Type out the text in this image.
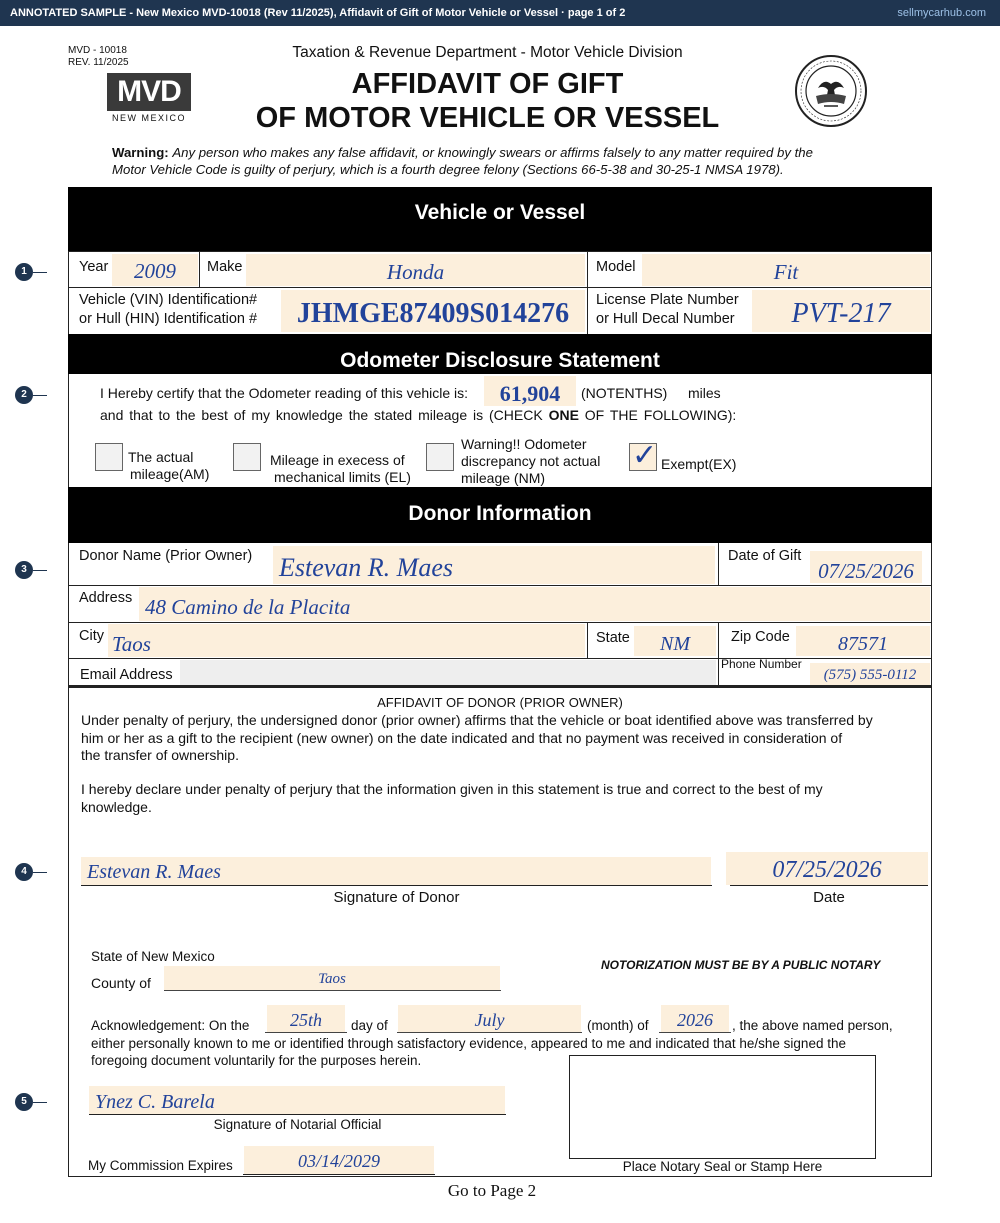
ANNOTATED SAMPLE - New Mexico MVD-10018 (Rev 11/2025), Affidavit of Gift of Motor Vehicle or Vessel · page 1 of 2	sellmycarhub.com
MVD - 10018
REV. 11/2025
MVD
NEW MEXICO
Taxation & Revenue Department - Motor Vehicle Division
AFFIDAVIT OF GIFT
OF MOTOR VEHICLE OR VESSEL
Warning: Any person who makes any false affidavit, or knowingly swears or affirms falsely to any matter required by the
Motor Vehicle Code is guilty of perjury, which is a fourth degree felony (Sections 66-5-38 and 30-25-1 NMSA 1978).
1
2
3
4
5
Vehicle or Vessel
Year	2009	Make	Honda	Model	Fit
Vehicle (VIN) Identification#
or Hull (HIN) Identification #	JHMGE87409S014276	License Plate Number
or Hull Decal Number	PVT-217
Odometer Disclosure Statement
I Hereby certify that the Odometer reading of this vehicle is:	61,904	(NOTENTHS) miles
and that to the best of my knowledge the stated mileage is (CHECK ONE OF THE FOLLOWING):
The actual
mileage(AM)
Mileage in execess of
mechanical limits (EL)
Warning!! Odometer
discrepancy not actual
mileage (NM)
✓ Exempt(EX)
Donor Information
Donor Name (Prior Owner) Estevan R. Maes	Date of Gift
07/25/2026
Address 48 Camino de la Placita
City Taos	State	NM	Zip Code	87571
Email Address
Phone Number
(575) 555-0112
AFFIDAVIT OF DONOR (PRIOR OWNER)
Under penalty of perjury, the undersigned donor (prior owner) affirms that the vehicle or boat identified above was transferred by
him or her as a gift to the recipient (new owner) on the date indicated and that no payment was received in consideration of
the transfer of ownership.
I hereby declare under penalty of perjury that the information given in this statement is true and correct to the best of my
knowledge.
Estevan R. Maes
Signature of Donor
07/25/2026
Date
State of New Mexico
County of	Taos
NOTORIZATION MUST BE BY A PUBLIC NOTARY
Acknowledgement: On the	25th	day of	July	(month) of	2026	, the above named person,
either personally known to me or identified through satisfactory evidence, appeared to me and indicated that he/she signed the
foregoing document voluntarily for the purposes herein.
Ynez C. Barela
Signature of Notarial Official
My Commission Expires	03/14/2029	Place Notary Seal or Stamp Here
Go to Page 2
